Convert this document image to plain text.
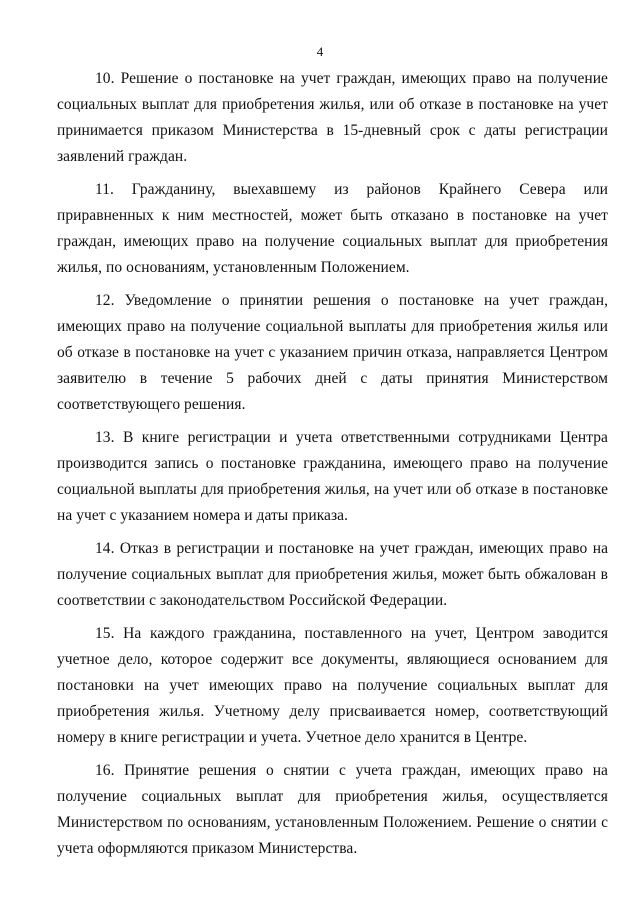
4

10. Решение о постановке на учет граждан, имеющих право на получение социальных выплат для приобретения жилья, или об отказе в постановке на учет принимается приказом Министерства в 15-дневный срок с даты регистрации заявлений граждан.

11. Гражданину, выехавшему из районов Крайнего Севера или приравненных к ним местностей, может быть отказано в постановке на учет граждан, имеющих право на получение социальных выплат для приобретения жилья, по основаниям, установленным Положением.

12. Уведомление о принятии решения о постановке на учет граждан, имеющих право на получение социальной выплаты для приобретения жилья или об отказе в постановке на учет с указанием причин отказа, направляется Центром заявителю в течение 5 рабочих дней с даты принятия Министерством соответствующего решения.

13. В книге регистрации и учета ответственными сотрудниками Центра производится запись о постановке гражданина, имеющего право на получение социальной выплаты для приобретения жилья, на учет или об отказе в постановке на учет с указанием номера и даты приказа.

14. Отказ в регистрации и постановке на учет граждан, имеющих право на получение социальных выплат для приобретения жилья, может быть обжалован в соответствии с законодательством Российской Федерации.

15. На каждого гражданина, поставленного на учет, Центром заводится учетное дело, которое содержит все документы, являющиеся основанием для постановки на учет имеющих право на получение социальных выплат для приобретения жилья. Учетному делу присваивается номер, соответствующий номеру в книге регистрации и учета. Учетное дело хранится в Центре.

16. Принятие решения о снятии с учета граждан, имеющих право на получение социальных выплат для приобретения жилья, осуществляется Министерством по основаниям, установленным Положением. Решение о снятии с учета оформляются приказом Министерства.
